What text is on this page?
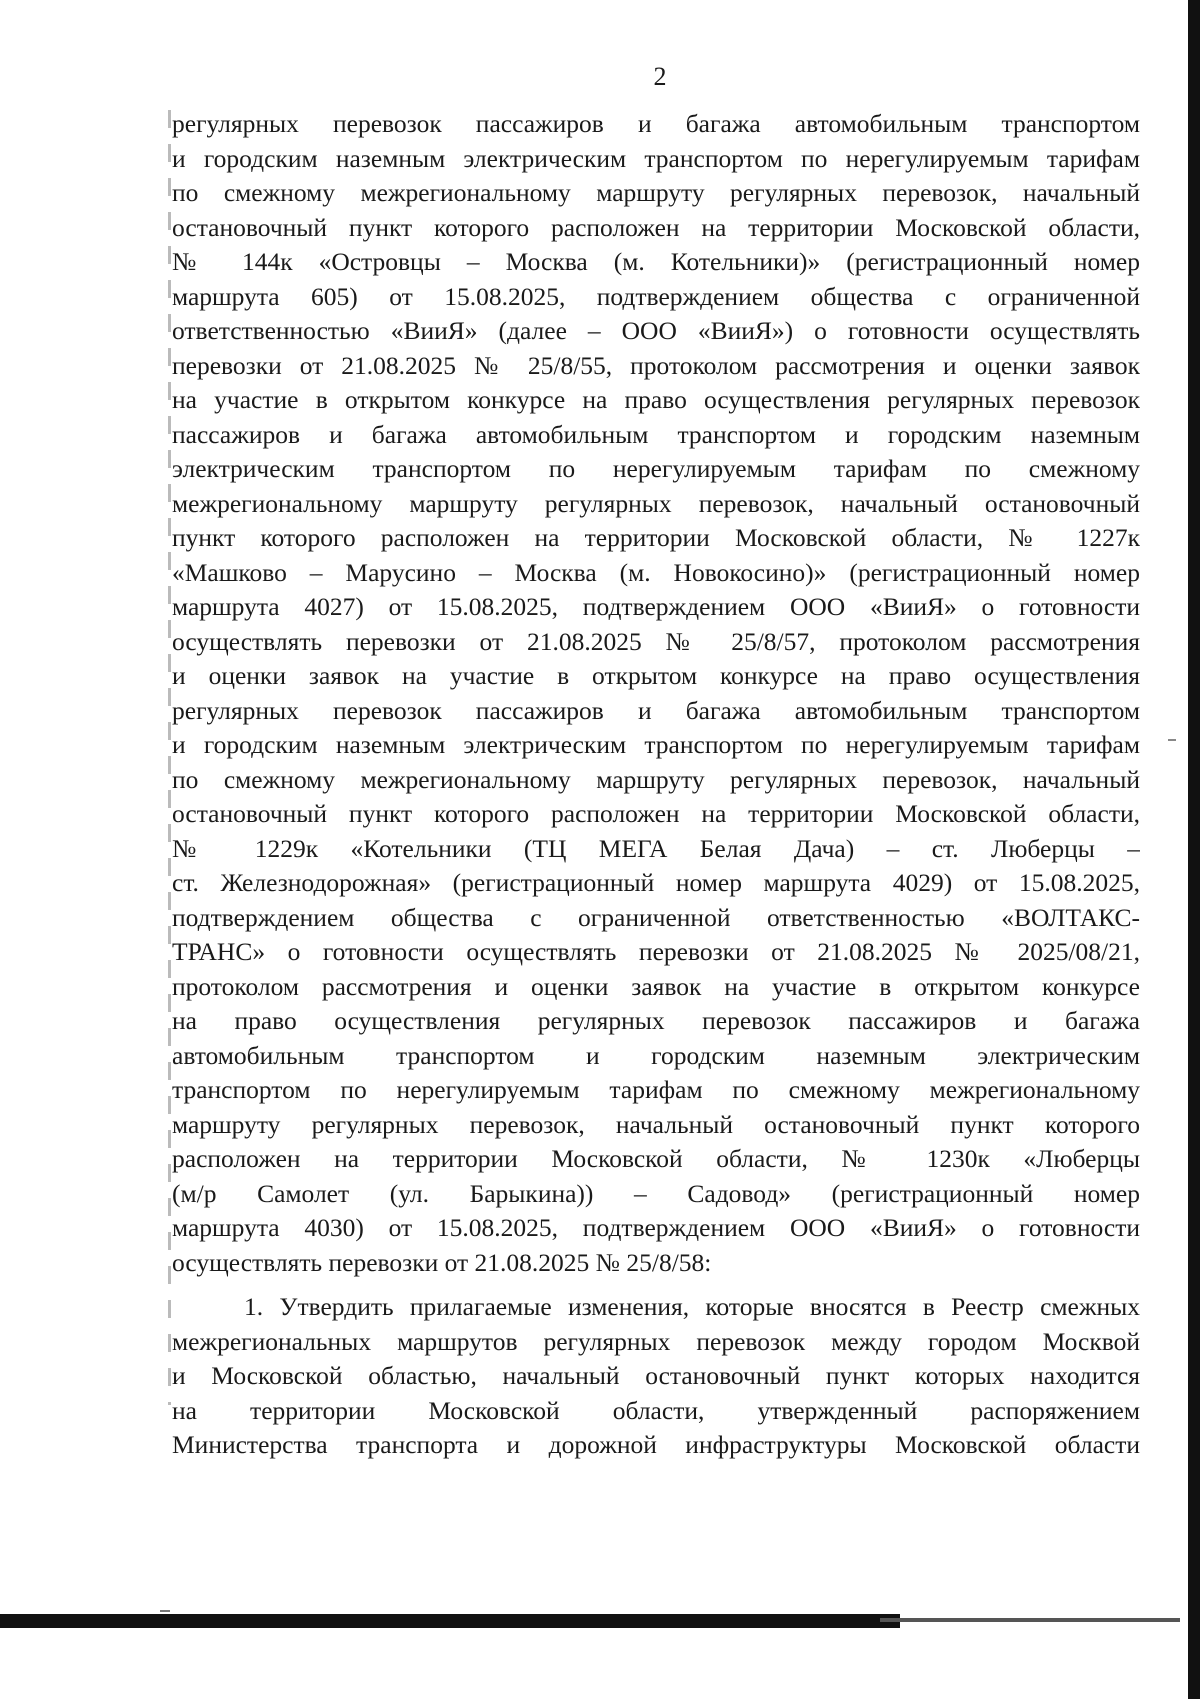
2
регулярных перевозок пассажиров и багажа автомобильным транспортом
и городским наземным электрическим транспортом по нерегулируемым тарифам
по смежному межрегиональному маршруту регулярных перевозок, начальный
остановочный пункт которого расположен на территории Московской области,
№ 144к «Островцы – Москва (м. Котельники)» (регистрационный номер
маршрута 605) от 15.08.2025, подтверждением общества с ограниченной
ответственностью «ВииЯ» (далее – ООО «ВииЯ») о готовности осуществлять
перевозки от 21.08.2025 № 25/8/55, протоколом рассмотрения и оценки заявок
на участие в открытом конкурсе на право осуществления регулярных перевозок
пассажиров и багажа автомобильным транспортом и городским наземным
электрическим транспортом по нерегулируемым тарифам по смежному
межрегиональному маршруту регулярных перевозок, начальный остановочный
пункт которого расположен на территории Московской области, № 1227к
«Машково – Марусино – Москва (м. Новокосино)» (регистрационный номер
маршрута 4027) от 15.08.2025, подтверждением ООО «ВииЯ» о готовности
осуществлять перевозки от 21.08.2025 № 25/8/57, протоколом рассмотрения
и оценки заявок на участие в открытом конкурсе на право осуществления
регулярных перевозок пассажиров и багажа автомобильным транспортом
и городским наземным электрическим транспортом по нерегулируемым тарифам
по смежному межрегиональному маршруту регулярных перевозок, начальный
остановочный пункт которого расположен на территории Московской области,
№ 1229к «Котельники (ТЦ МЕГА Белая Дача) – ст. Люберцы –
ст. Железнодорожная» (регистрационный номер маршрута 4029) от 15.08.2025,
подтверждением общества с ограниченной ответственностью «ВОЛТАКС-
ТРАНС» о готовности осуществлять перевозки от 21.08.2025 № 2025/08/21,
протоколом рассмотрения и оценки заявок на участие в открытом конкурсе
на право осуществления регулярных перевозок пассажиров и багажа
автомобильным транспортом и городским наземным электрическим
транспортом по нерегулируемым тарифам по смежному межрегиональному
маршруту регулярных перевозок, начальный остановочный пункт которого
расположен на территории Московской области, № 1230к «Люберцы
(м/р Самолет (ул. Барыкина)) – Садовод» (регистрационный номер
маршрута 4030) от 15.08.2025, подтверждением ООО «ВииЯ» о готовности
осуществлять перевозки от 21.08.2025 № 25/8/58:
1. Утвердить прилагаемые изменения, которые вносятся в Реестр смежных
межрегиональных маршрутов регулярных перевозок между городом Москвой
и Московской областью, начальный остановочный пункт которых находится
на территории Московской области, утвержденный распоряжением
Министерства транспорта и дорожной инфраструктуры Московской области
